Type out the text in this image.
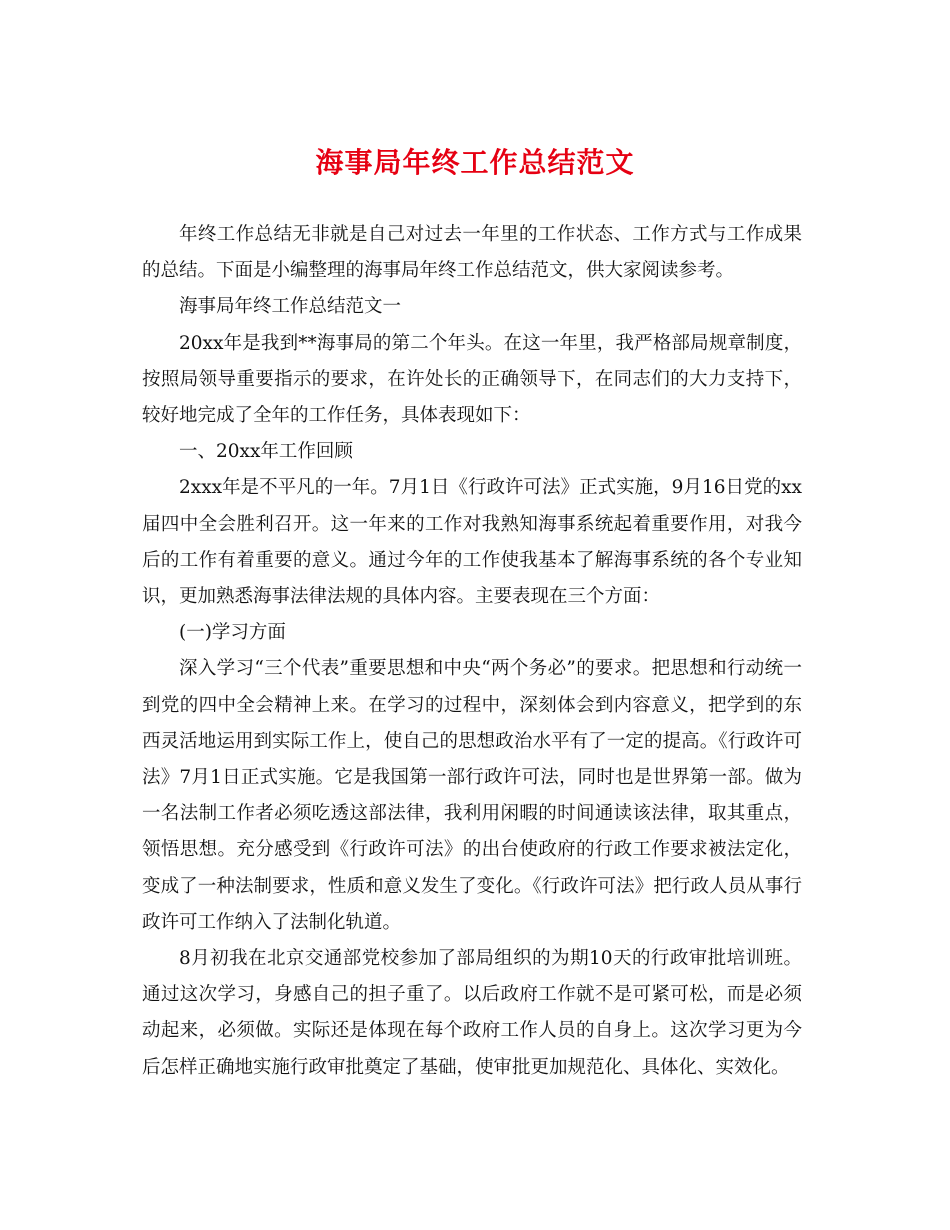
海事局年终工作总结范文

年终工作总结无非就是自己对过去一年里的工作状态、工作方式与工作成果的总结。下面是小编整理的海事局年终工作总结范文，供大家阅读参考。

海事局年终工作总结范文一

20xx年是我到**海事局的第二个年头。在这一年里，我严格部局规章制度，按照局领导重要指示的要求，在许处长的正确领导下，在同志们的大力支持下，较好地完成了全年的工作任务，具体表现如下：

一、20xx年工作回顾

2xxx年是不平凡的一年。7月1日《行政许可法》正式实施，9月16日党的xx届四中全会胜利召开。这一年来的工作对我熟知海事系统起着重要作用，对我今后的工作有着重要的意义。通过今年的工作使我基本了解海事系统的各个专业知识，更加熟悉海事法律法规的具体内容。主要表现在三个方面：

(一)学习方面

深入学习“三个代表”重要思想和中央“两个务必”的要求。把思想和行动统一到党的四中全会精神上来。在学习的过程中，深刻体会到内容意义，把学到的东西灵活地运用到实际工作上，使自己的思想政治水平有了一定的提高。《行政许可法》7月1日正式实施。它是我国第一部行政许可法，同时也是世界第一部。做为一名法制工作者必须吃透这部法律，我利用闲暇的时间通读该法律，取其重点，领悟思想。充分感受到《行政许可法》的出台使政府的行政工作要求被法定化，变成了一种法制要求，性质和意义发生了变化。《行政许可法》把行政人员从事行政许可工作纳入了法制化轨道。

8月初我在北京交通部党校参加了部局组织的为期10天的行政审批培训班。通过这次学习，身感自己的担子重了。以后政府工作就不是可紧可松，而是必须动起来，必须做。实际还是体现在每个政府工作人员的自身上。这次学习更为今后怎样正确地实施行政审批奠定了基础，使审批更加规范化、具体化、实效化。
